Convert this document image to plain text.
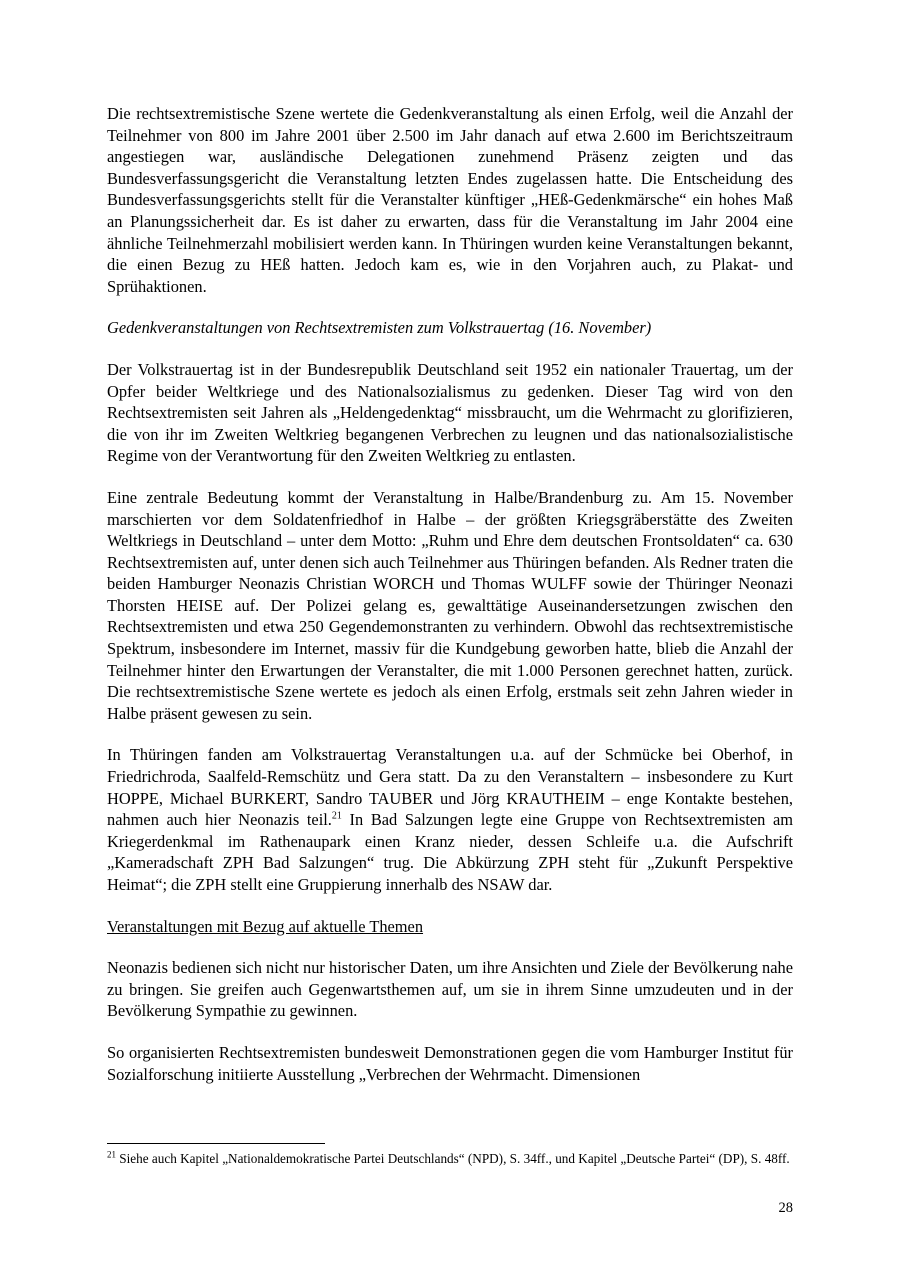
Die rechtsextremistische Szene wertete die Gedenkveranstaltung als einen Erfolg, weil die Anzahl der Teilnehmer von 800 im Jahre 2001 über 2.500 im Jahr danach auf etwa 2.600 im Berichtszeitraum angestiegen war, ausländische Delegationen zunehmend Präsenz zeigten und das Bundesverfassungsgericht die Veranstaltung letzten Endes zugelassen hatte. Die Entscheidung des Bundesverfassungsgerichts stellt für die Veranstalter künftiger „HEß-Gedenkmärsche“ ein hohes Maß an Planungssicherheit dar. Es ist daher zu erwarten, dass für die Veranstaltung im Jahr 2004 eine ähnliche Teilnehmerzahl mobilisiert werden kann. In Thüringen wurden keine Veranstaltungen bekannt, die einen Bezug zu HEß hatten. Jedoch kam es, wie in den Vorjahren auch, zu Plakat- und Sprühaktionen.

Gedenkveranstaltungen von Rechtsextremisten zum Volkstrauertag (16. November)

Der Volkstrauertag ist in der Bundesrepublik Deutschland seit 1952 ein nationaler Trauertag, um der Opfer beider Weltkriege und des Nationalsozialismus zu gedenken. Dieser Tag wird von den Rechtsextremisten seit Jahren als „Heldengedenktag“ missbraucht, um die Wehrmacht zu glorifizieren, die von ihr im Zweiten Weltkrieg begangenen Verbrechen zu leugnen und das nationalsozialistische Regime von der Verantwortung für den Zweiten Weltkrieg zu entlasten.

Eine zentrale Bedeutung kommt der Veranstaltung in Halbe/Brandenburg zu. Am 15. November marschierten vor dem Soldatenfriedhof in Halbe – der größten Kriegsgräberstätte des Zweiten Weltkriegs in Deutschland – unter dem Motto: „Ruhm und Ehre dem deutschen Frontsoldaten“ ca. 630 Rechtsextremisten auf, unter denen sich auch Teilnehmer aus Thüringen befanden. Als Redner traten die beiden Hamburger Neonazis Christian WORCH und Thomas WULFF sowie der Thüringer Neonazi Thorsten HEISE auf. Der Polizei gelang es, gewalttätige Auseinandersetzungen zwischen den Rechtsextremisten und etwa 250 Gegendemonstranten zu verhindern. Obwohl das rechtsextremistische Spektrum, insbesondere im Internet, massiv für die Kundgebung geworben hatte, blieb die Anzahl der Teilnehmer hinter den Erwartungen der Veranstalter, die mit 1.000 Personen gerechnet hatten, zurück. Die rechtsextremistische Szene wertete es jedoch als einen Erfolg, erstmals seit zehn Jahren wieder in Halbe präsent gewesen zu sein.

In Thüringen fanden am Volkstrauertag Veranstaltungen u.a. auf der Schmücke bei Oberhof, in Friedrichroda, Saalfeld-Remschütz und Gera statt. Da zu den Veranstaltern – insbesondere zu Kurt HOPPE, Michael BURKERT, Sandro TAUBER und Jörg KRAUTHEIM – enge Kontakte bestehen, nahmen auch hier Neonazis teil.$^{21}$ In Bad Salzungen legte eine Gruppe von Rechtsextremisten am Kriegerdenkmal im Rathenaupark einen Kranz nieder, dessen Schleife u.a. die Aufschrift „Kameradschaft ZPH Bad Salzungen“ trug. Die Abkürzung ZPH steht für „Zukunft Perspektive Heimat“; die ZPH stellt eine Gruppierung innerhalb des NSAW dar.

Veranstaltungen mit Bezug auf aktuelle Themen

Neonazis bedienen sich nicht nur historischer Daten, um ihre Ansichten und Ziele der Bevölkerung nahe zu bringen. Sie greifen auch Gegenwartsthemen auf, um sie in ihrem Sinne umzudeuten und in der Bevölkerung Sympathie zu gewinnen.

So organisierten Rechtsextremisten bundesweit Demonstrationen gegen die vom Hamburger Institut für Sozialforschung initiierte Ausstellung „Verbrechen der Wehrmacht. Dimensionen

$^{21}$ Siehe auch Kapitel „Nationaldemokratische Partei Deutschlands“ (NPD), S. 34ff., und Kapitel „Deutsche Partei“ (DP), S. 48ff.
28
